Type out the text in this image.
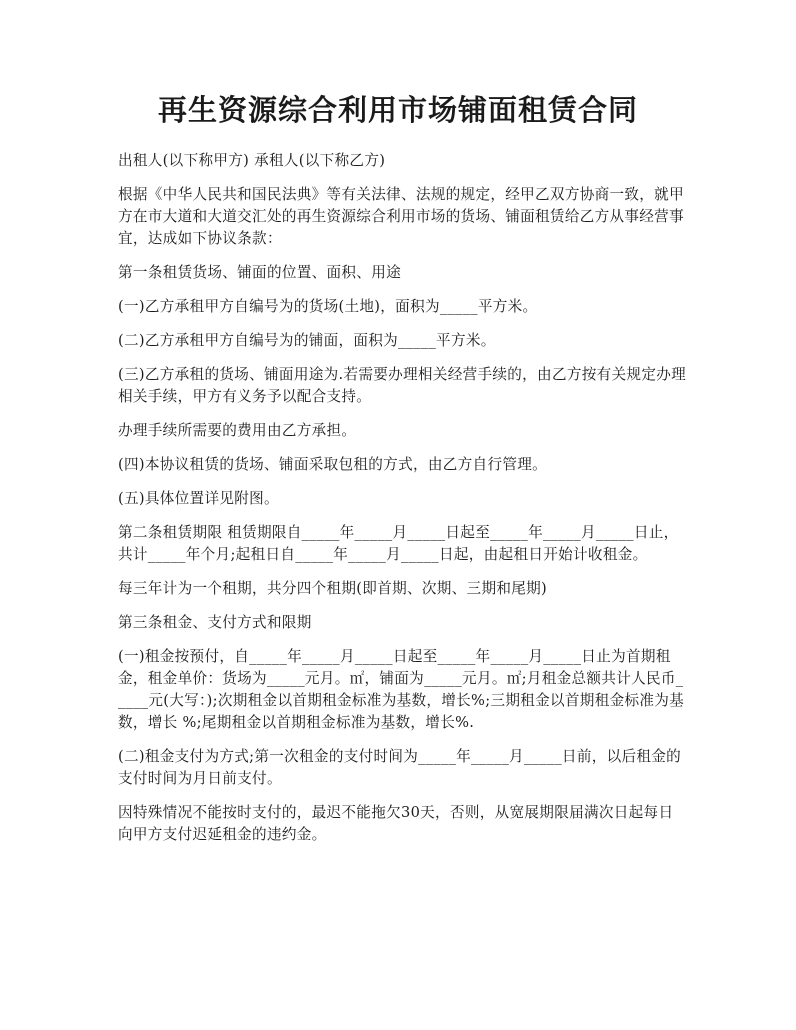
再生资源综合利用市场铺面租赁合同

出租人(以下称甲方) 承租人(以下称乙方)

根据《中华人民共和国民法典》等有关法律、法规的规定，经甲乙双方协商一致，就甲方在市大道和大道交汇处的再生资源综合利用市场的货场、铺面租赁给乙方从事经营事宜，达成如下协议条款：

第一条租赁货场、铺面的位置、面积、用途

(一)乙方承租甲方自编号为的货场(土地)，面积为_____平方米。

(二)乙方承租甲方自编号为的铺面，面积为_____平方米。

(三)乙方承租的货场、铺面用途为.若需要办理相关经营手续的，由乙方按有关规定办理相关手续，甲方有义务予以配合支持。

办理手续所需要的费用由乙方承担。

(四)本协议租赁的货场、铺面采取包租的方式，由乙方自行管理。

(五)具体位置详见附图。

第二条租赁期限 租赁期限自_____年_____月_____日起至_____年_____月_____日止，共计_____年个月;起租日自_____年_____月_____日起，由起租日开始计收租金。

每三年计为一个租期，共分四个租期(即首期、次期、三期和尾期)

第三条租金、支付方式和限期

(一)租金按预付，自_____年_____月_____日起至_____年_____月_____日止为首期租金，租金单价：货场为_____元月。㎡，铺面为_____元月。㎡;月租金总额共计人民币_____元(大写：);次期租金以首期租金标准为基数，增长%;三期租金以首期租金标准为基数，增长 %;尾期租金以首期租金标准为基数，增长%.

(二)租金支付为方式;第一次租金的支付时间为_____年_____月_____日前，以后租金的支付时间为月日前支付。

因特殊情况不能按时支付的，最迟不能拖欠30天，否则，从宽展期限届满次日起每日向甲方支付迟延租金的违约金。
